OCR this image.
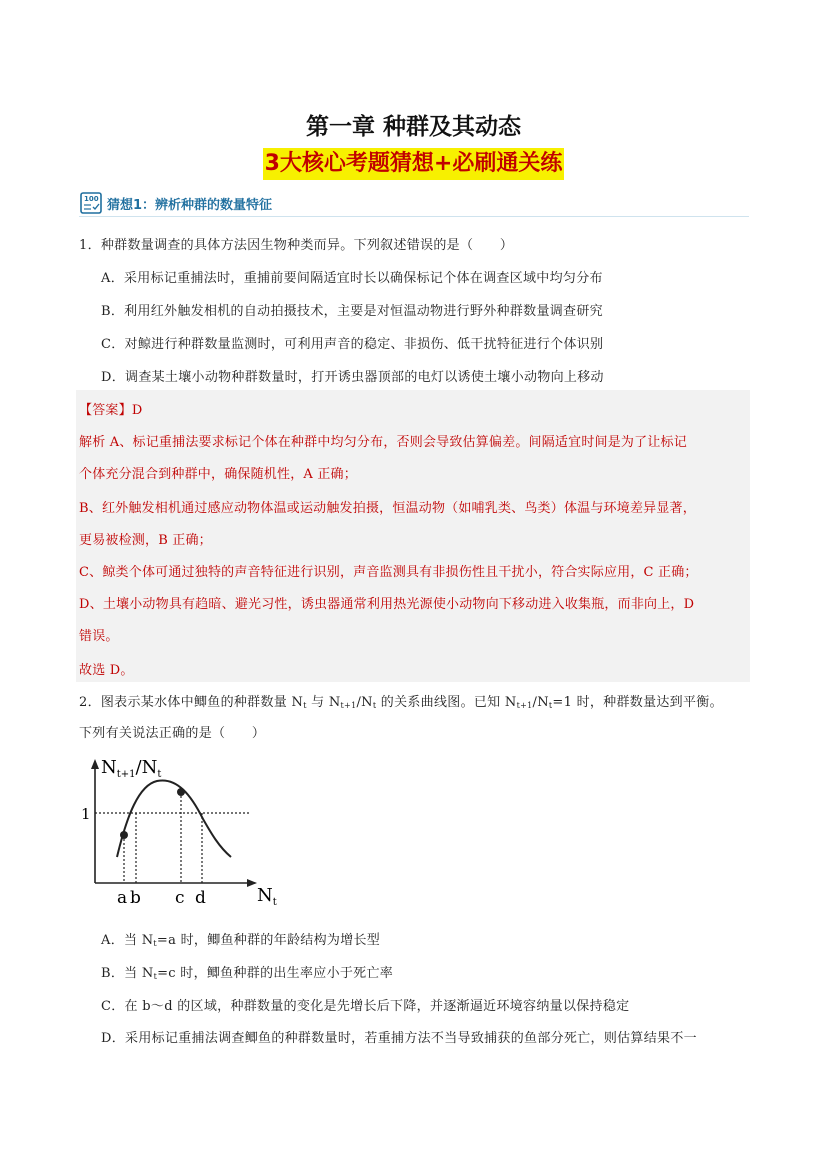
第一章 种群及其动态
3大核心考题猜想+必刷通关练
100 猜想1：辨析种群的数量特征
1．种群数量调查的具体方法因生物种类而异。下列叙述错误的是（　　）
A．采用标记重捕法时，重捕前要间隔适宜时长以确保标记个体在调查区域中均匀分布
B．利用红外触发相机的自动拍摄技术，主要是对恒温动物进行野外种群数量调查研究
C．对鲸进行种群数量监测时，可利用声音的稳定、非损伤、低干扰特征进行个体识别
D．调查某土壤小动物种群数量时，打开诱虫器顶部的电灯以诱使土壤小动物向上移动
【答案】D
解析 A、标记重捕法要求标记个体在种群中均匀分布，否则会导致估算偏差。间隔适宜时间是为了让标记
个体充分混合到种群中，确保随机性，A 正确；
B、红外触发相机通过感应动物体温或运动触发拍摄，恒温动物（如哺乳类、鸟类）体温与环境差异显著，
更易被检测，B 正确；
C、鲸类个体可通过独特的声音特征进行识别，声音监测具有非损伤性且干扰小，符合实际应用，C 正确；
D、土壤小动物具有趋暗、避光习性，诱虫器通常利用热光源使小动物向下移动进入收集瓶，而非向上，D
错误。
故选 D。
2．图表示某水体中鲫鱼的种群数量 $N_t$ 与 $N_{t+1}/N_t$ 的关系曲线图。已知 $N_{t+1}/N_t=1$ 时，种群数量达到平衡。
下列有关说法正确的是（　　）
$N_{t+1}/N_t$
$N_t$
1
a b c d
A．当 $N_t=a$ 时，鲫鱼种群的年龄结构为增长型
B．当 $N_t=c$ 时，鲫鱼种群的出生率应小于死亡率
C．在 b～d 的区域，种群数量的变化是先增长后下降，并逐渐逼近环境容纳量以保持稳定
D．采用标记重捕法调查鲫鱼的种群数量时，若重捕方法不当导致捕获的鱼部分死亡，则估算结果不一
